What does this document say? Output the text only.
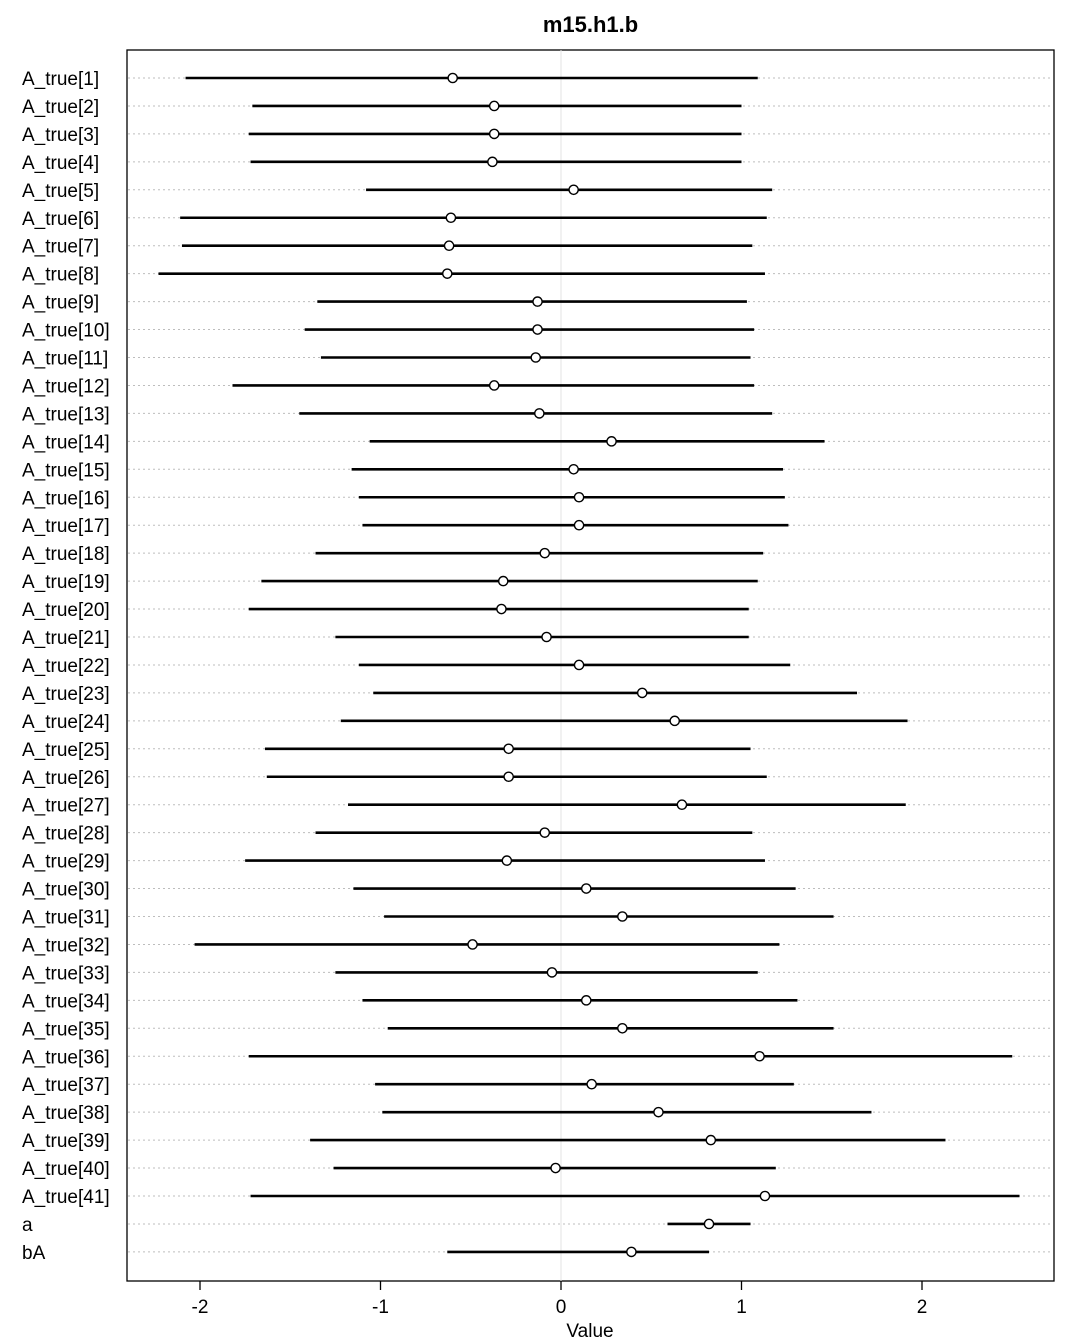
m15.h1.b
A_true[1]
A_true[2]
A_true[3]
A_true[4]
A_true[5]
A_true[6]
A_true[7]
A_true[8]
A_true[9]
A_true[10]
A_true[11]
A_true[12]
A_true[13]
A_true[14]
A_true[15]
A_true[16]
A_true[17]
A_true[18]
A_true[19]
A_true[20]
A_true[21]
A_true[22]
A_true[23]
A_true[24]
A_true[25]
A_true[26]
A_true[27]
A_true[28]
A_true[29]
A_true[30]
A_true[31]
A_true[32]
A_true[33]
A_true[34]
A_true[35]
A_true[36]
A_true[37]
A_true[38]
A_true[39]
A_true[40]
A_true[41]
a
bA
-2	-1	0	1	2
Value
